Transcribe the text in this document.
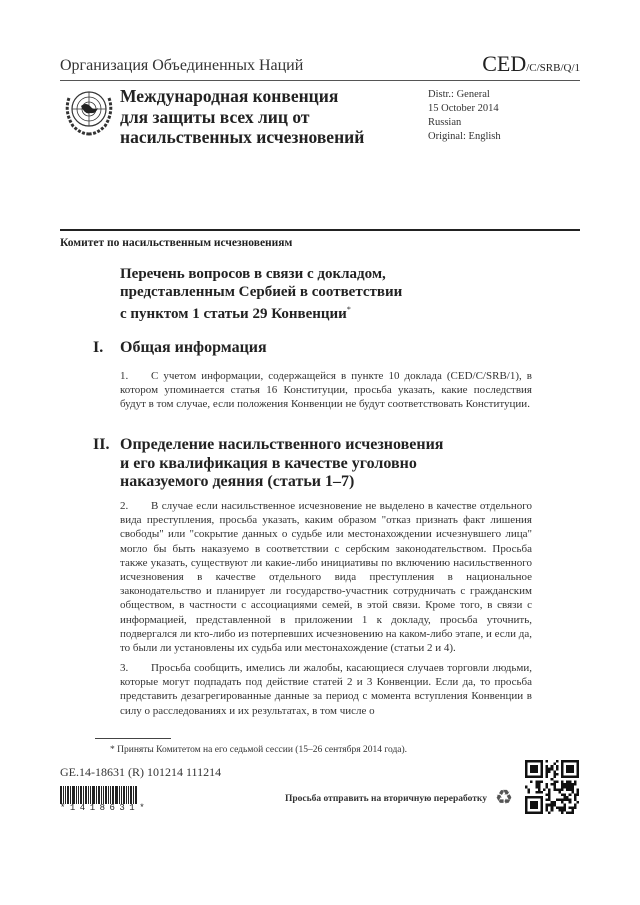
Организация Объединенных Наций	CED/C/SRB/Q/1
Международная конвенция
для защиты всех лиц от
насильственных исчезновений
Distr.: General
15 October 2014
Russian
Original: English
Комитет по насильственным исчезновениям
Перечень вопросов в связи с докладом,
представленным Сербией в соответствии
с пунктом 1 статьи 29 Конвенции*
I. Общая информация
1. С учетом информации, содержащейся в пункте 10 доклада (CED/C/SRB/1), в котором упоминается статья 16 Конституции, просьба указать, какие последствия будут в том случае, если положения Конвенции не будут соответствовать Конституции.
II. Определение насильственного исчезновения
и его квалификация в качестве уголовно
наказуемого деяния (статьи 1–7)
2. В случае если насильственное исчезновение не выделено в качестве отдельного вида преступления, просьба указать, каким образом "отказ признать факт лишения свободы" или "сокрытие данных о судьбе или местонахождении исчезнувшего лица" могло бы быть наказуемо в соответствии с сербским законодательством. Просьба также указать, существуют ли какие-либо инициативы по включению насильственного исчезновения в качестве отдельного вида преступления в национальное законодательство и планирует ли государство-участник сотрудничать с гражданским обществом, в частности с ассоциациями семей, в этой связи. Кроме того, в связи с информацией, представленной в приложении 1 к докладу, просьба уточнить, подвергался ли кто-либо из потерпевших исчезновению на каком-либо этапе, и если да, то были ли установлены их судьба или местонахождение (статьи 2 и 4).
3. Просьба сообщить, имелись ли жалобы, касающиеся случаев торговли людьми, которые могут подпадать под действие статей 2 и 3 Конвенции. Если да, то просьба представить дезагрегированные данные за период с момента вступления Конвенции в силу о расследованиях и их результатах, в том числе о
* Приняты Комитетом на его седьмой сессии (15–26 сентября 2014 года).
GE.14-18631 (R) 101214 111214
*1418631*
Просьба отправить на вторичную переработку ♻
